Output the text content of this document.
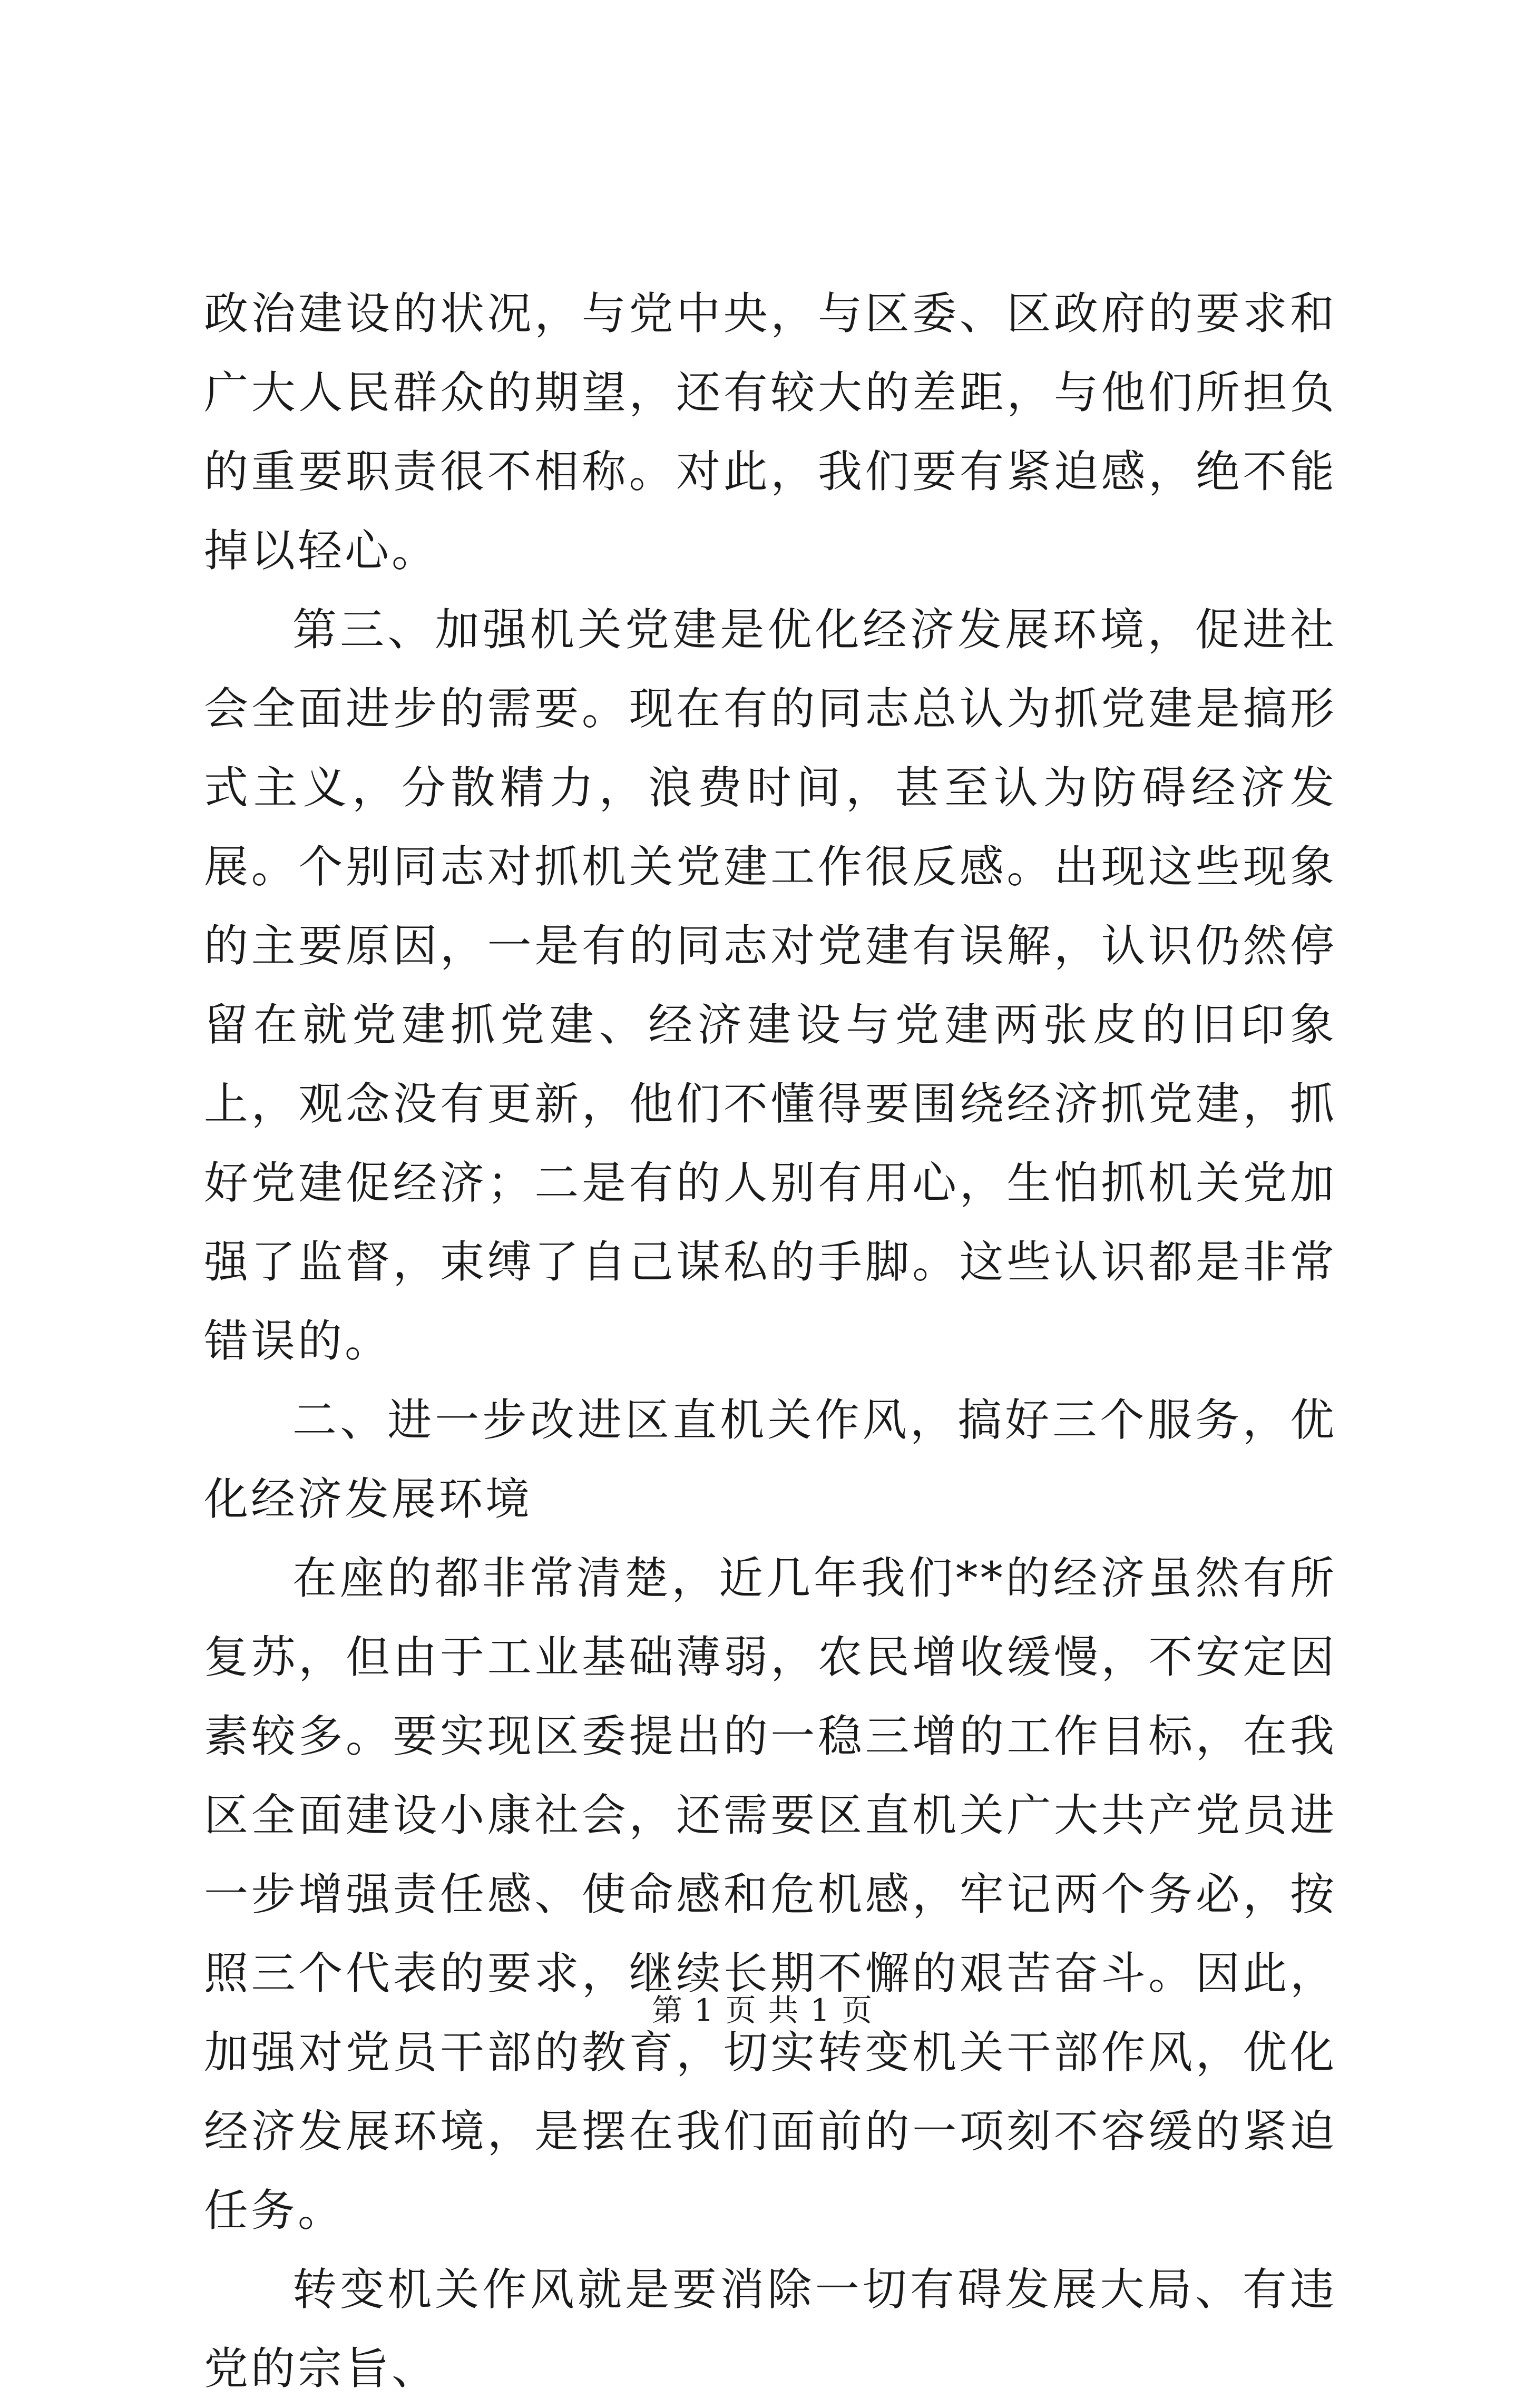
政治建设的状况，与党中央，与区委、区政府的要求和广大人民群众的期望，还有较大的差距，与他们所担负的重要职责很不相称。对此，我们要有紧迫感，绝不能掉以轻心。

第三、加强机关党建是优化经济发展环境，促进社会全面进步的需要。现在有的同志总认为抓党建是搞形式主义，分散精力，浪费时间，甚至认为防碍经济发展。个别同志对抓机关党建工作很反感。出现这些现象的主要原因，一是有的同志对党建有误解，认识仍然停留在就党建抓党建、经济建设与党建两张皮的旧印象上，观念没有更新，他们不懂得要围绕经济抓党建，抓好党建促经济；二是有的人别有用心，生怕抓机关党加强了监督，束缚了自己谋私的手脚。这些认识都是非常错误的。

二、进一步改进区直机关作风，搞好三个服务，优化经济发展环境

在座的都非常清楚，近几年我们**的经济虽然有所复苏，但由于工业基础薄弱，农民增收缓慢，不安定因素较多。要实现区委提出的一稳三增的工作目标，在我区全面建设小康社会，还需要区直机关广大共产党员进一步增强责任感、使命感和危机感，牢记两个务必，按照三个代表的要求，继续长期不懈的艰苦奋斗。因此，加强对党员干部的教育，切实转变机关干部作风，优化经济发展环境，是摆在我们面前的一项刻不容缓的紧迫任务。

转变机关作风就是要消除一切有碍发展大局、有违党的宗旨、

第 1 页 共 1 页
